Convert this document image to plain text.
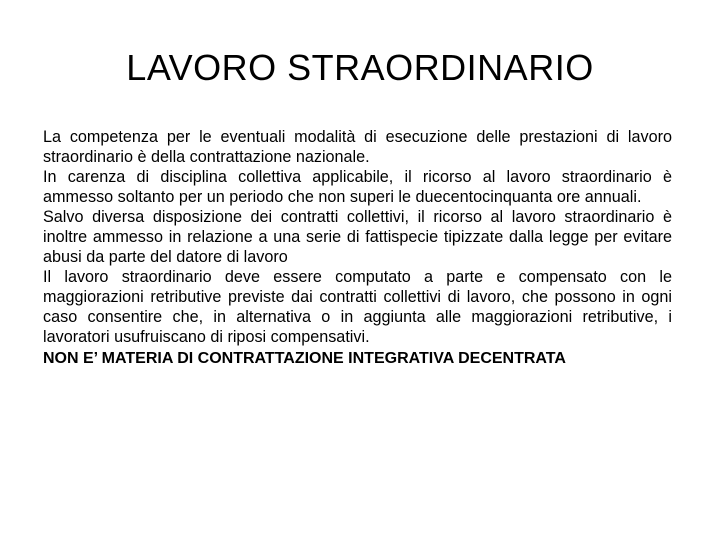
LAVORO STRAORDINARIO

La competenza per le eventuali modalità di esecuzione delle prestazioni di lavoro straordinario è della contrattazione nazionale.

In carenza di disciplina collettiva applicabile, il ricorso al lavoro straordinario è ammesso soltanto per un periodo che non superi le duecentocinquanta ore annuali.

Salvo diversa disposizione dei contratti collettivi, il ricorso al lavoro straordinario è inoltre ammesso in relazione a una serie di fattispecie tipizzate dalla legge per evitare abusi da parte del datore di lavoro

Il lavoro straordinario deve essere computato a parte e compensato con le maggiorazioni retributive previste dai contratti collettivi di lavoro, che possono in ogni caso consentire che, in alternativa o in aggiunta alle maggiorazioni retributive, i lavoratori usufruiscano di riposi compensativi.

NON E’ MATERIA DI CONTRATTAZIONE INTEGRATIVA DECENTRATA
